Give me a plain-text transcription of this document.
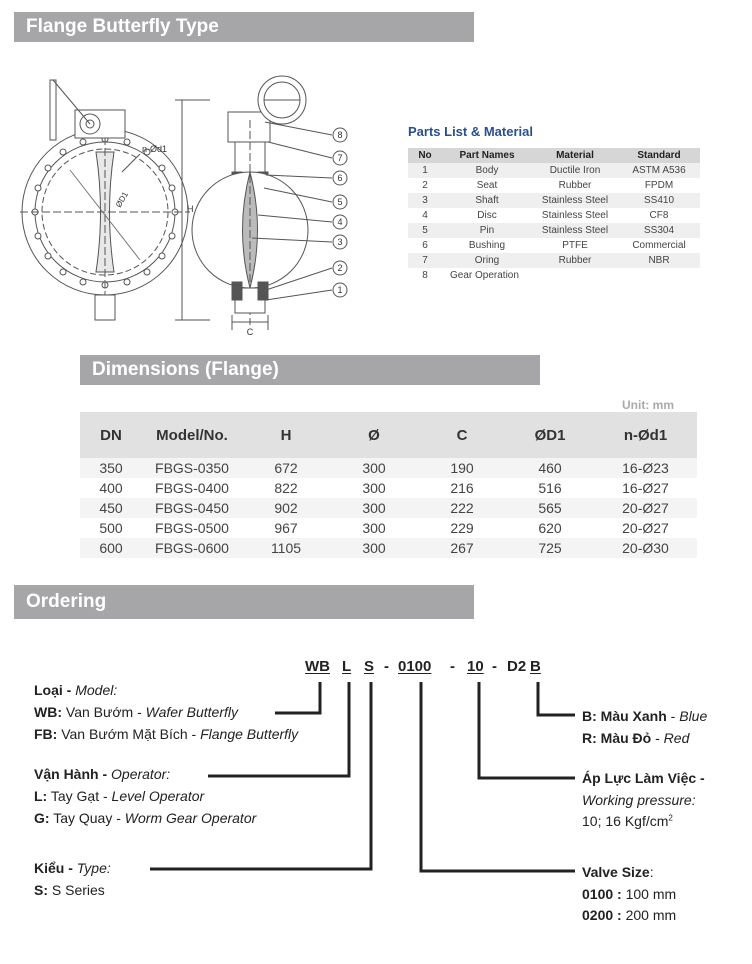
Flange Butterfly Type
n-Ød1
ØD1	H
8
7
6
5
4
3
2
1
C
Parts List & Material
No	Part Names	Material	Standard
1	Body	Ductile Iron	ASTM A536
2	Seat	Rubber	FPDM
3	Shaft	Stainless Steel	SS410
4	Disc	Stainless Steel	CF8
5	Pin	Stainless Steel	SS304
6	Bushing	PTFE	Commercial
7	Oring	Rubber	NBR
8	Gear Operation		
Dimensions (Flange)
Unit: mm
DN	Model/No.	H	Ø	C	ØD1	n-Ød1
350	FBGS-0350	672	300	190	460	16-Ø23
400	FBGS-0400	822	300	216	516	16-Ø27
450	FBGS-0450	902	300	222	565	20-Ø27
500	FBGS-0500	967	300	229	620	20-Ø27
600	FBGS-0600	1105	300	267	725	20-Ø30
Ordering
WB L S - 0100 - 10 - D2 B
Loại - Model:
WB: Van Bướm - Wafer Butterfly
FB: Van Bướm Mặt Bích - Flange Butterfly
Vận Hành - Operator:
L: Tay Gạt - Level Operator
G: Tay Quay - Worm Gear Operator
Kiểu - Type:
S: S Series
B: Màu Xanh - Blue
R: Màu Đỏ - Red
Áp Lực Làm Việc -
Working pressure:
10; 16 Kgf/$cm^2$
Valve Size:
0100 : 100 mm
0200 : 200 mm
